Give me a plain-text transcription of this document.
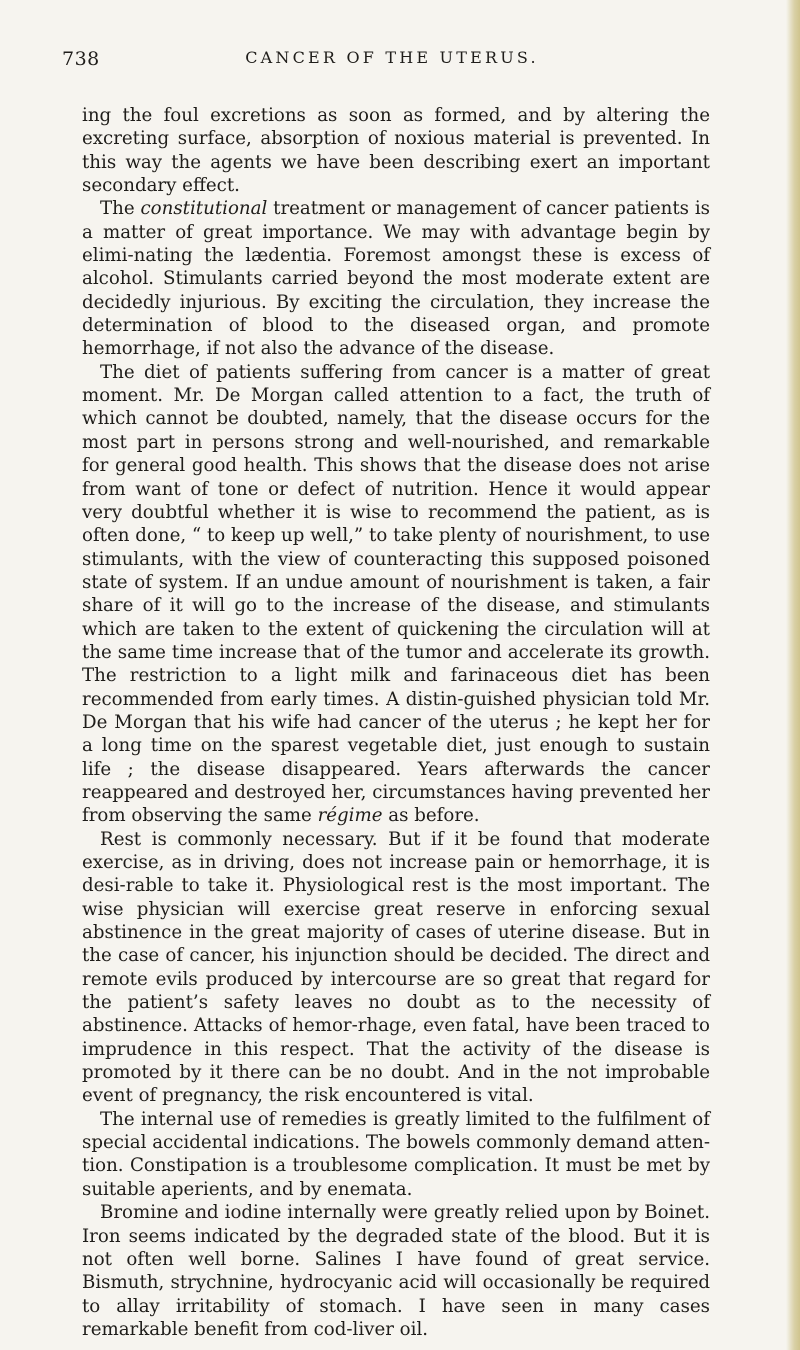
738	CANCER OF THE UTERUS.

ing the foul excretions as soon as formed, and by altering the excreting surface, absorption of noxious material is prevented. In this way the agents we have been describing exert an important secondary effect.

The constitutional treatment or management of cancer patients is a matter of great importance. We may with advantage begin by elimi-nating the lædentia. Foremost amongst these is excess of alcohol. Stimulants carried beyond the most moderate extent are decidedly injurious. By exciting the circulation, they increase the determination of blood to the diseased organ, and promote hemorrhage, if not also the advance of the disease.

The diet of patients suffering from cancer is a matter of great moment. Mr. De Morgan called attention to a fact, the truth of which cannot be doubted, namely, that the disease occurs for the most part in persons strong and well-nourished, and remarkable for general good health. This shows that the disease does not arise from want of tone or defect of nutrition. Hence it would appear very doubtful whether it is wise to recommend the patient, as is often done, “ to keep up well,” to take plenty of nourishment, to use stimulants, with the view of counteracting this supposed poisoned state of system. If an undue amount of nourishment is taken, a fair share of it will go to the increase of the disease, and stimulants which are taken to the extent of quickening the circulation will at the same time increase that of the tumor and accelerate its growth. The restriction to a light milk and farinaceous diet has been recommended from early times. A distin-guished physician told Mr. De Morgan that his wife had cancer of the uterus ; he kept her for a long time on the sparest vegetable diet, just enough to sustain life ; the disease disappeared. Years afterwards the cancer reappeared and destroyed her, circumstances having prevented her from observing the same régime as before.

Rest is commonly necessary. But if it be found that moderate exercise, as in driving, does not increase pain or hemorrhage, it is desi-rable to take it. Physiological rest is the most important. The wise physician will exercise great reserve in enforcing sexual abstinence in the great majority of cases of uterine disease. But in the case of cancer, his injunction should be decided. The direct and remote evils produced by intercourse are so great that regard for the patient’s safety leaves no doubt as to the necessity of abstinence. Attacks of hemor-rhage, even fatal, have been traced to imprudence in this respect. That the activity of the disease is promoted by it there can be no doubt. And in the not improbable event of pregnancy, the risk encountered is vital.

The internal use of remedies is greatly limited to the fulfilment of special accidental indications. The bowels commonly demand atten-tion. Constipation is a troublesome complication. It must be met by suitable aperients, and by enemata.

Bromine and iodine internally were greatly relied upon by Boinet. Iron seems indicated by the degraded state of the blood. But it is not often well borne. Salines I have found of great service. Bismuth, strychnine, hydrocyanic acid will occasionally be required to allay irritability of stomach. I have seen in many cases remarkable benefit from cod-liver oil.
